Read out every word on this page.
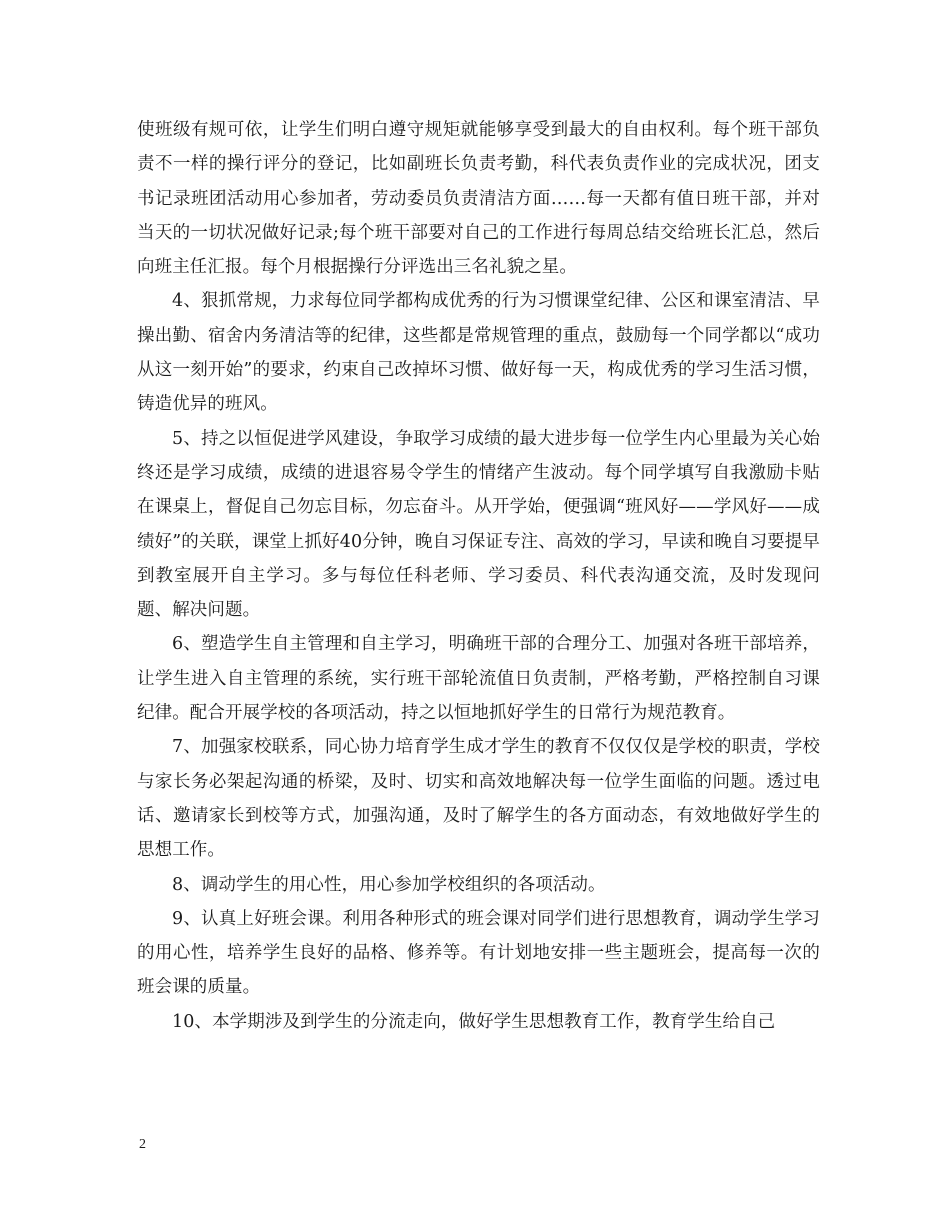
使班级有规可依，让学生们明白遵守规矩就能够享受到最大的自由权利。每个班干部负责不一样的操行评分的登记，比如副班长负责考勤，科代表负责作业的完成状况，团支书记录班团活动用心参加者，劳动委员负责清洁方面……每一天都有值日班干部，并对当天的一切状况做好记录;每个班干部要对自己的工作进行每周总结交给班长汇总，然后向班主任汇报。每个月根据操行分评选出三名礼貌之星。

4、狠抓常规，力求每位同学都构成优秀的行为习惯课堂纪律、公区和课室清洁、早操出勤、宿舍内务清洁等的纪律，这些都是常规管理的重点，鼓励每一个同学都以“成功从这一刻开始”的要求，约束自己改掉坏习惯、做好每一天，构成优秀的学习生活习惯，铸造优异的班风。

5、持之以恒促进学风建设，争取学习成绩的最大进步每一位学生内心里最为关心始终还是学习成绩，成绩的进退容易令学生的情绪产生波动。每个同学填写自我激励卡贴在课桌上，督促自己勿忘目标，勿忘奋斗。从开学始，便强调“班风好——学风好——成绩好”的关联，课堂上抓好40分钟，晚自习保证专注、高效的学习，早读和晚自习要提早到教室展开自主学习。多与每位任科老师、学习委员、科代表沟通交流，及时发现问题、解决问题。

6、塑造学生自主管理和自主学习，明确班干部的合理分工、加强对各班干部培养，让学生进入自主管理的系统，实行班干部轮流值日负责制，严格考勤，严格控制自习课纪律。配合开展学校的各项活动，持之以恒地抓好学生的日常行为规范教育。

7、加强家校联系，同心协力培育学生成才学生的教育不仅仅仅是学校的职责，学校与家长务必架起沟通的桥梁，及时、切实和高效地解决每一位学生面临的问题。透过电话、邀请家长到校等方式，加强沟通，及时了解学生的各方面动态，有效地做好学生的思想工作。

8、调动学生的用心性，用心参加学校组织的各项活动。

9、认真上好班会课。利用各种形式的班会课对同学们进行思想教育，调动学生学习的用心性，培养学生良好的品格、修养等。有计划地安排一些主题班会，提高每一次的班会课的质量。

10、本学期涉及到学生的分流走向，做好学生思想教育工作，教育学生给自己

2
